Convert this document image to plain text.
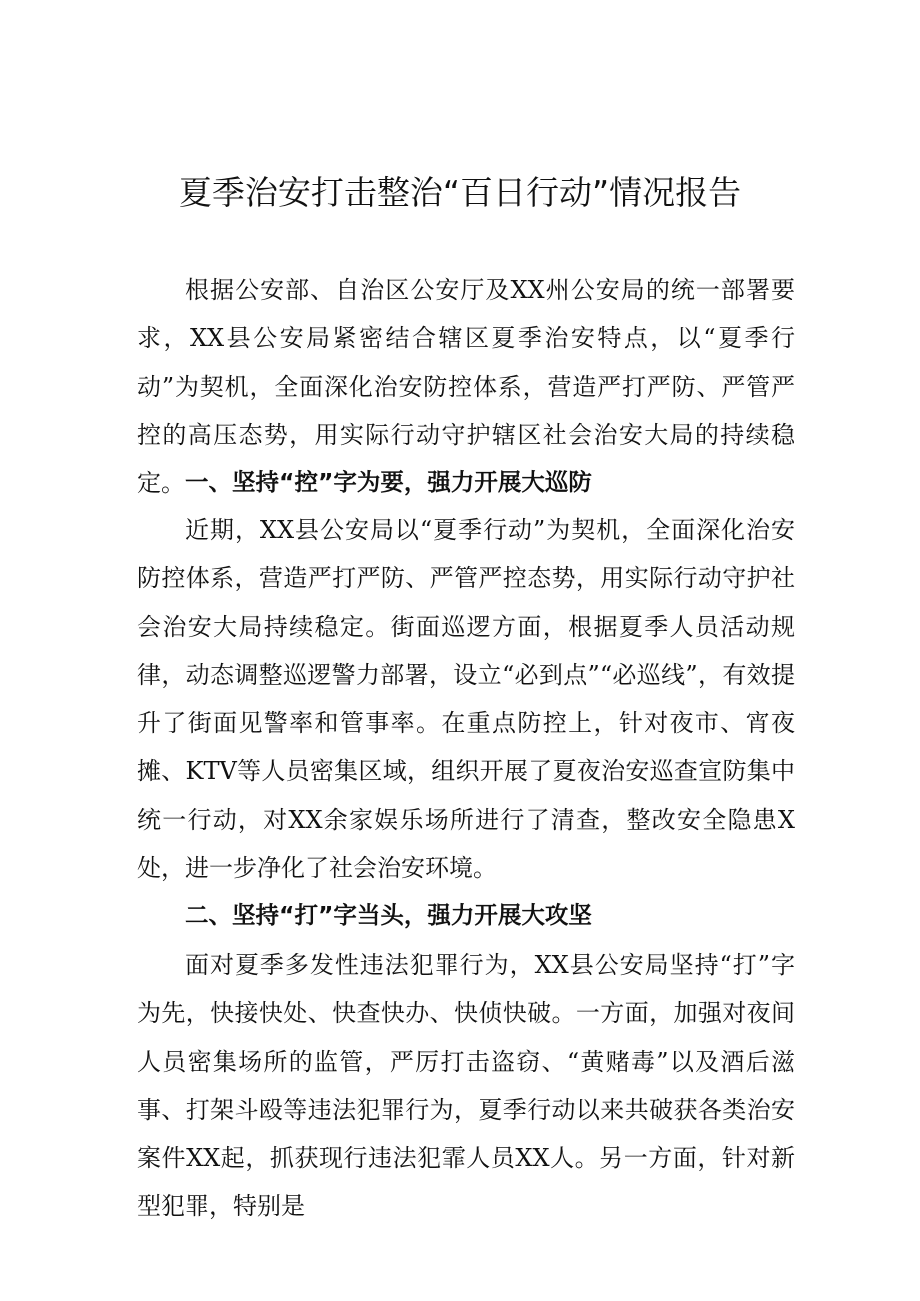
夏季治安打击整治“百日行动”情况报告

根据公安部、自治区公安厅及XX州公安局的统一部署要求，XX县公安局紧密结合辖区夏季治安特点，以“夏季行动”为契机，全面深化治安防控体系，营造严打严防、严管严控的高压态势，用实际行动守护辖区社会治安大局的持续稳定。 一、坚持“控”字为要，强力开展大巡防

近期，XX县公安局以“夏季行动”为契机，全面深化治安防控体系，营造严打严防、严管严控态势，用实际行动守护社会治安大局持续稳定。街面巡逻方面，根据夏季人员活动规律，动态调整巡逻警力部署，设立“必到点”“必巡线”，有效提升了街面见警率和管事率。在重点防控上，针对夜市、宵夜摊、KTV等人员密集区域，组织开展了夏夜治安巡查宣防集中统一行动，对XX余家娱乐场所进行了清查，整改安全隐患X处，进一步净化了社会治安环境。

二、坚持“打”字当头，强力开展大攻坚

面对夏季多发性违法犯罪行为，XX县公安局坚持“打”字为先，快接快处、快查快办、快侦快破。一方面，加强对夜间人员密集场所的监管，严厉打击盗窃、“黄赌毒”以及酒后滋事、打架斗殴等违法犯罪行为，夏季行动以来共破获各类治安案件XX起，抓获现行违法犯霏人员XX人。另一方面，针对新型犯罪，特别是
